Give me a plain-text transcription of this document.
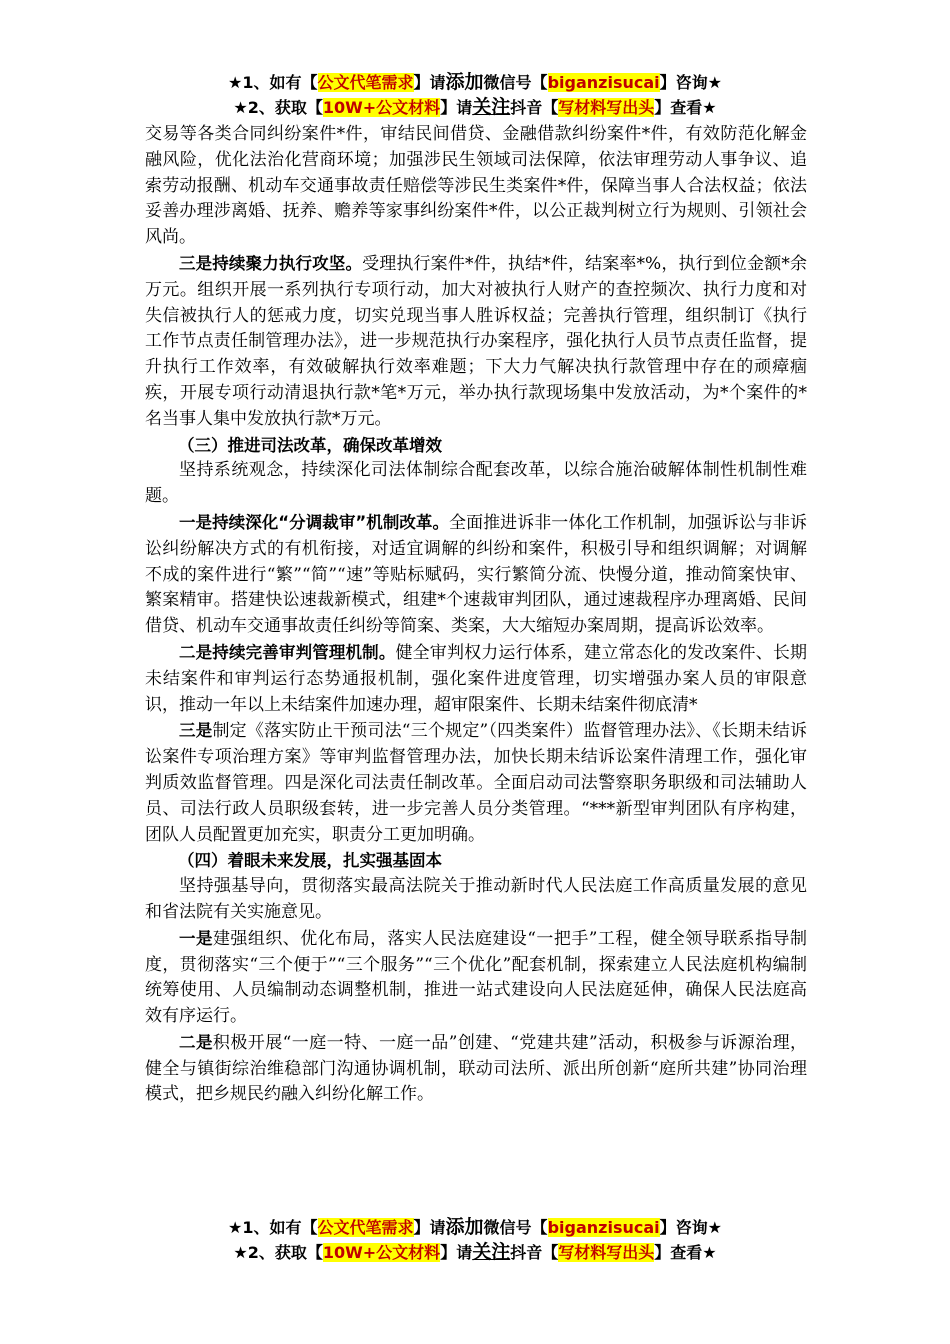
★1、如有【公文代笔需求】请添加微信号【biganzisucai】咨询★
★2、获取【10W+公文材料】请关注抖音【写材料写出头】查看★

交易等各类合同纠纷案件*件，审结民间借贷、金融借款纠纷案件*件，有效防范化解金融风险，优化法治化营商环境；加强涉民生领域司法保障，依法审理劳动人事争议、追索劳动报酬、机动车交通事故责任赔偿等涉民生类案件*件，保障当事人合法权益；依法妥善办理涉离婚、抚养、赡养等家事纠纷案件*件，以公正裁判树立行为规则、引领社会风尚。

三是持续聚力执行攻坚。受理执行案件*件，执结*件，结案率*%，执行到位金额*余万元。组织开展一系列执行专项行动，加大对被执行人财产的查控频次、执行力度和对失信被执行人的惩戒力度，切实兑现当事人胜诉权益；完善执行管理，组织制订《执行工作节点责任制管理办法》，进一步规范执行办案程序，强化执行人员节点责任监督，提升执行工作效率，有效破解执行效率难题；下大力气解决执行款管理中存在的顽瘴痼疾，开展专项行动清退执行款*笔*万元，举办执行款现场集中发放活动，为*个案件的*名当事人集中发放执行款*万元。

（三）推进司法改革，确保改革增效

坚持系统观念，持续深化司法体制综合配套改革，以综合施治破解体制性机制性难题。

一是持续深化“分调裁审”机制改革。全面推进诉非一体化工作机制，加强诉讼与非诉讼纠纷解决方式的有机衔接，对适宜调解的纠纷和案件，积极引导和组织调解；对调解不成的案件进行“繁”“简”“速”等贴标赋码，实行繁简分流、快慢分道，推动简案快审、繁案精审。搭建快讼速裁新模式，组建*个速裁审判团队，通过速裁程序办理离婚、民间借贷、机动车交通事故责任纠纷等简案、类案，大大缩短办案周期，提高诉讼效率。

二是持续完善审判管理机制。健全审判权力运行体系，建立常态化的发改案件、长期未结案件和审判运行态势通报机制，强化案件进度管理，切实增强办案人员的审限意识，推动一年以上未结案件加速办理，超审限案件、长期未结案件彻底清*

三是制定《落实防止干预司法“三个规定”（四类案件）监督管理办法》、《长期未结诉讼案件专项治理方案》等审判监督管理办法，加快长期未结诉讼案件清理工作，强化审判质效监督管理。四是深化司法责任制改革。全面启动司法警察职务职级和司法辅助人员、司法行政人员职级套转，进一步完善人员分类管理。“***新型审判团队有序构建，团队人员配置更加充实，职责分工更加明确。

（四）着眼未来发展，扎实强基固本

坚持强基导向，贯彻落实最高法院关于推动新时代人民法庭工作高质量发展的意见和省法院有关实施意见。

一是建强组织、优化布局，落实人民法庭建设“一把手”工程，健全领导联系指导制度，贯彻落实“三个便于”“三个服务”“三个优化”配套机制，探索建立人民法庭机构编制统筹使用、人员编制动态调整机制，推进一站式建设向人民法庭延伸，确保人民法庭高效有序运行。

二是积极开展“一庭一特、一庭一品”创建、“党建共建”活动，积极参与诉源治理，健全与镇街综治维稳部门沟通协调机制，联动司法所、派出所创新“庭所共建”协同治理模式，把乡规民约融入纠纷化解工作。

★1、如有【公文代笔需求】请添加微信号【biganzisucai】咨询★
★2、获取【10W+公文材料】请关注抖音【写材料写出头】查看★
